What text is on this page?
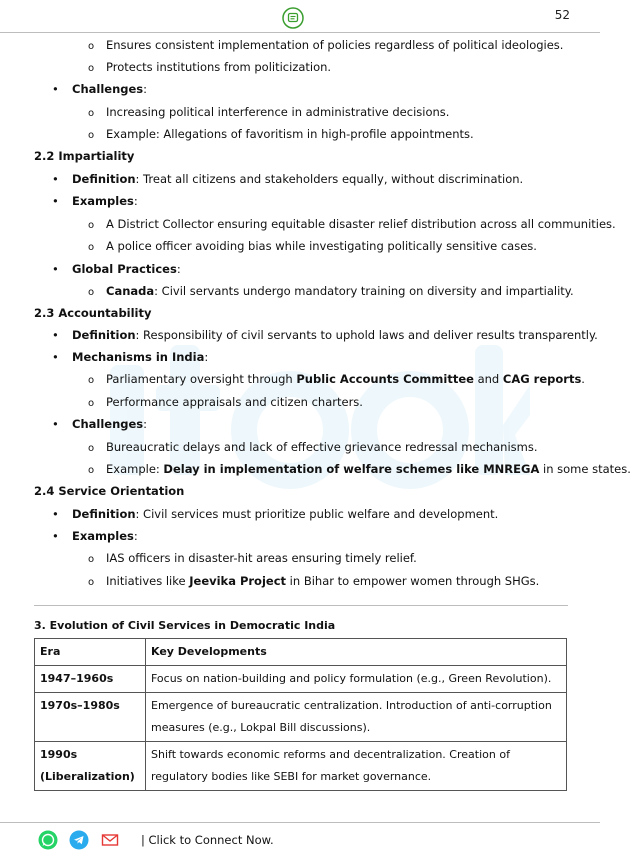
52
o Ensures consistent implementation of policies regardless of political ideologies.
o Protects institutions from politicization.
• Challenges:
o Increasing political interference in administrative decisions.
o Example: Allegations of favoritism in high-profile appointments.
2.2 Impartiality
• Definition: Treat all citizens and stakeholders equally, without discrimination.
• Examples:
o A District Collector ensuring equitable disaster relief distribution across all communities.
o A police officer avoiding bias while investigating politically sensitive cases.
• Global Practices:
o Canada: Civil servants undergo mandatory training on diversity and impartiality.
2.3 Accountability
• Definition: Responsibility of civil servants to uphold laws and deliver results transparently.
• Mechanisms in India:
o Parliamentary oversight through Public Accounts Committee and CAG reports.
o Performance appraisals and citizen charters.
• Challenges:
o Bureaucratic delays and lack of effective grievance redressal mechanisms.
o Example: Delay in implementation of welfare schemes like MNREGA in some states.
2.4 Service Orientation
• Definition: Civil services must prioritize public welfare and development.
• Examples:
o IAS officers in disaster-hit areas ensuring timely relief.
o Initiatives like Jeevika Project in Bihar to empower women through SHGs.
3. Evolution of Civil Services in Democratic India
Era	Key Developments
1947–1960s	Focus on nation-building and policy formulation (e.g., Green Revolution).
1970s–1980s	Emergence of bureaucratic centralization. Introduction of anti-corruption measures (e.g., Lokpal Bill discussions).
1990s (Liberalization)	Shift towards economic reforms and decentralization. Creation of regulatory bodies like SEBI for market governance.
| Click to Connect Now.
